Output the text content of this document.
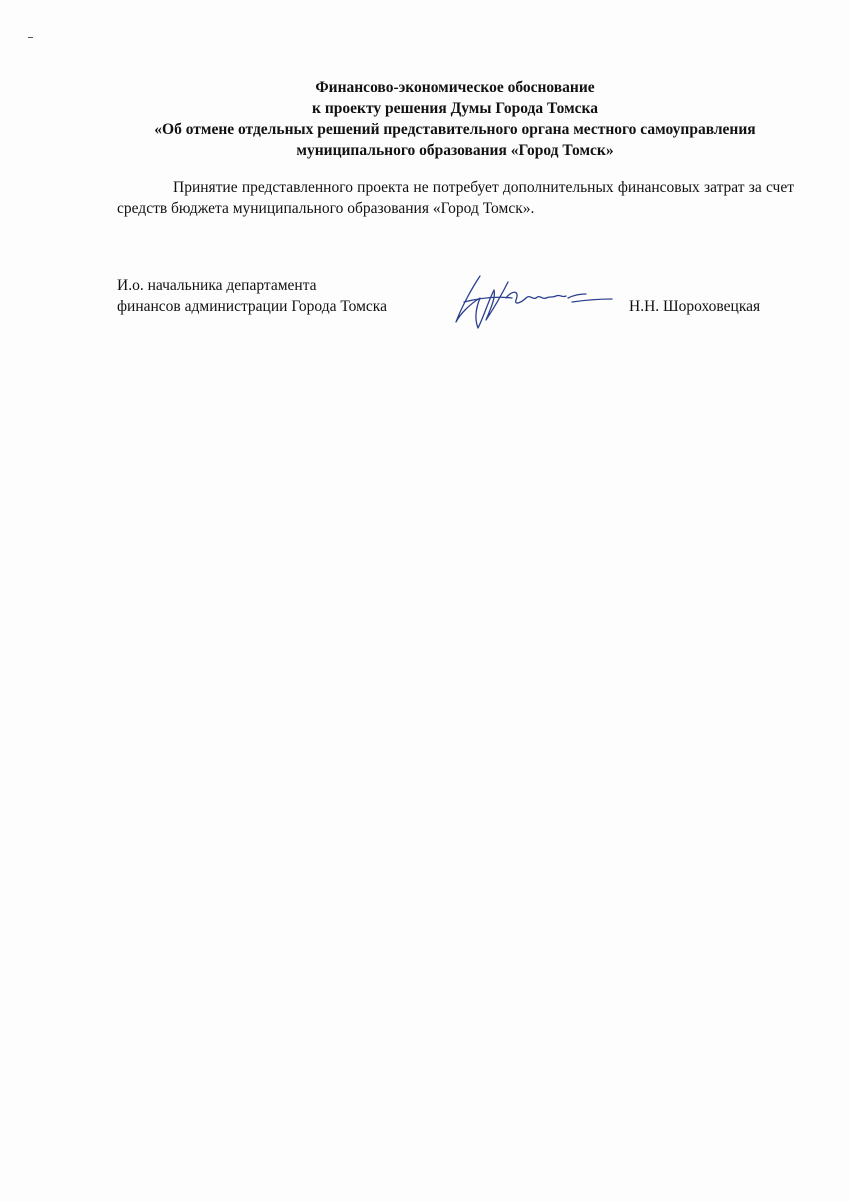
Финансово-экономическое обоснование
к проекту решения Думы Города Томска
«Об отмене отдельных решений представительного органа местного самоуправления
муниципального образования «Город Томск»

Принятие представленного проекта не потребует дополнительных финансовых затрат за счет средств бюджета муниципального образования «Город Томск».

И.о. начальника департамента
финансов администрации Города Томска	Н.Н. Шороховецкая
